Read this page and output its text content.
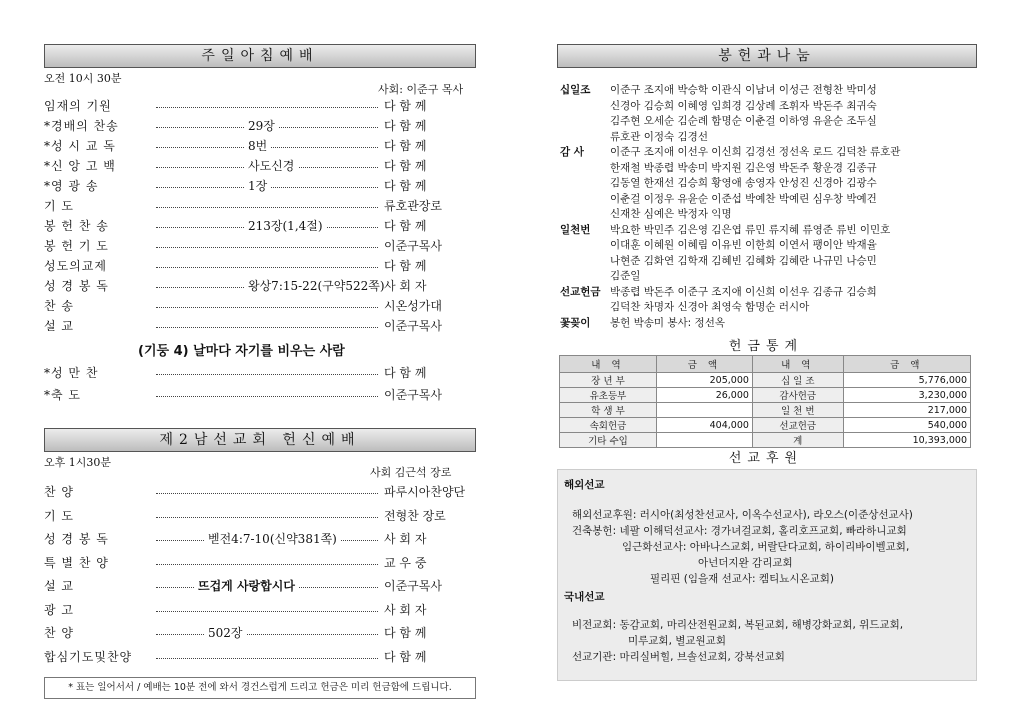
주일아침예배
오전 10시 30분
사회: 이준구 목사
임재의 기원	다 함 께
*경배의 찬송	29장	다 함 께
*성 시 교 독	8번	다 함 께
*신 앙 고 백	사도신경	다 함 께
*영 광 송	1장	다 함 께
기 도	류호관장로
봉 헌 찬 송	213장(1,4절)	다 함 께
봉 헌 기 도	이준구목사
성도의교제	다 함 께
성 경 봉 독	왕상7:15-22(구약522쪽) 사 회 자
찬 송	시온성가대
설 교	이준구목사
(기둥 4) 날마다 자기를 비우는 사람
*성 만 찬	다 함 께
*축 도	이준구목사
제2남선교회 헌신예배
오후 1시30분
사회 김근석 장로
찬 양	파루시아찬양단
기 도	전형찬 장로
성 경 봉 독	벧전4:7-10(신약381쪽)	사 회 자
특 별 찬 양	교 우 중
설 교	뜨겁게 사랑합시다	이준구목사
광 고	사 회 자
찬 양	502장	다 함 께
합심기도및찬양	다 함 께
* 표는 일어서서 / 예배는 10분 전에 와서 경건스럽게 드리고 헌금은 미리 헌금함에 드립니다.
봉헌과나눔
십일조	이준구 조지애 박승학 이관식 이남녀 이성근 전형찬 박미성
신경아 김승희 이혜영 임희경 김상례 조휘자 박돈주 최귀숙
김주현 오세순 김순례 함명순 이춘걸 이하영 유윤순 조두실
류호관 이정숙 김경선
감 사	이준구 조지애 이선우 이신희 김경선 정선옥 로드 김덕찬 류호관
한재철 박종렵 박송미 박지원 김은영 박돈주 황운경 김종규
김동열 한재선 김승희 황영애 송영자 안성진 신경아 김광수
이춘걸 이정우 유윤순 이준섭 박예찬 박예린 심우창 박예건
신재찬 심예은 박정자 익명
일천번	박요한 박민주 김은영 김은엽 류민 류지혜 류영준 류빈 이민호
이대훈 이혜원 이혜림 이유빈 이한희 이연서 팽이안 박재율
나현준 김화연 김학재 김혜빈 김혜화 김혜란 나규민 나승민
김준일
선교헌금 박종렵 박돈주 이준구 조지애 이신희 이선우 김종규 김승희
김덕찬 차명자 신경아 최영숙 함명순 러시아
꽃꽂이	봉헌 박송미 봉사: 정선옥
헌금통계
내 역	금 액	내 역	금 액
장 년 부	205,000	십 일 조	5,776,000
유초등부	26,000	감사헌금	3,230,000
학 생 부		일 천 번	217,000
속회헌금	404,000	선교헌금	540,000
기타 수입		계	10,393,000
선교후원
해외선교
해외선교후원: 러시아(최성찬선교사, 이옥수선교사), 라오스(이준상선교사)
건축봉헌: 네팔 이해덕선교사: 경가녀걸교회, 홀리호프교회, 빠라하니교회
임근화선교사: 아바나스교회, 버랄단다교회, 하이리바이벨교회,
아넌더지완 감리교회
필리핀 (임을재 선교사: 켐티뇨시온교회)
국내선교
비전교회: 동감교회, 마리산전원교회, 복된교회, 해병강화교회, 위드교회,
미루교회, 별교원교회
선교기관: 마리실버힐, 브솔선교회, 강북선교회
